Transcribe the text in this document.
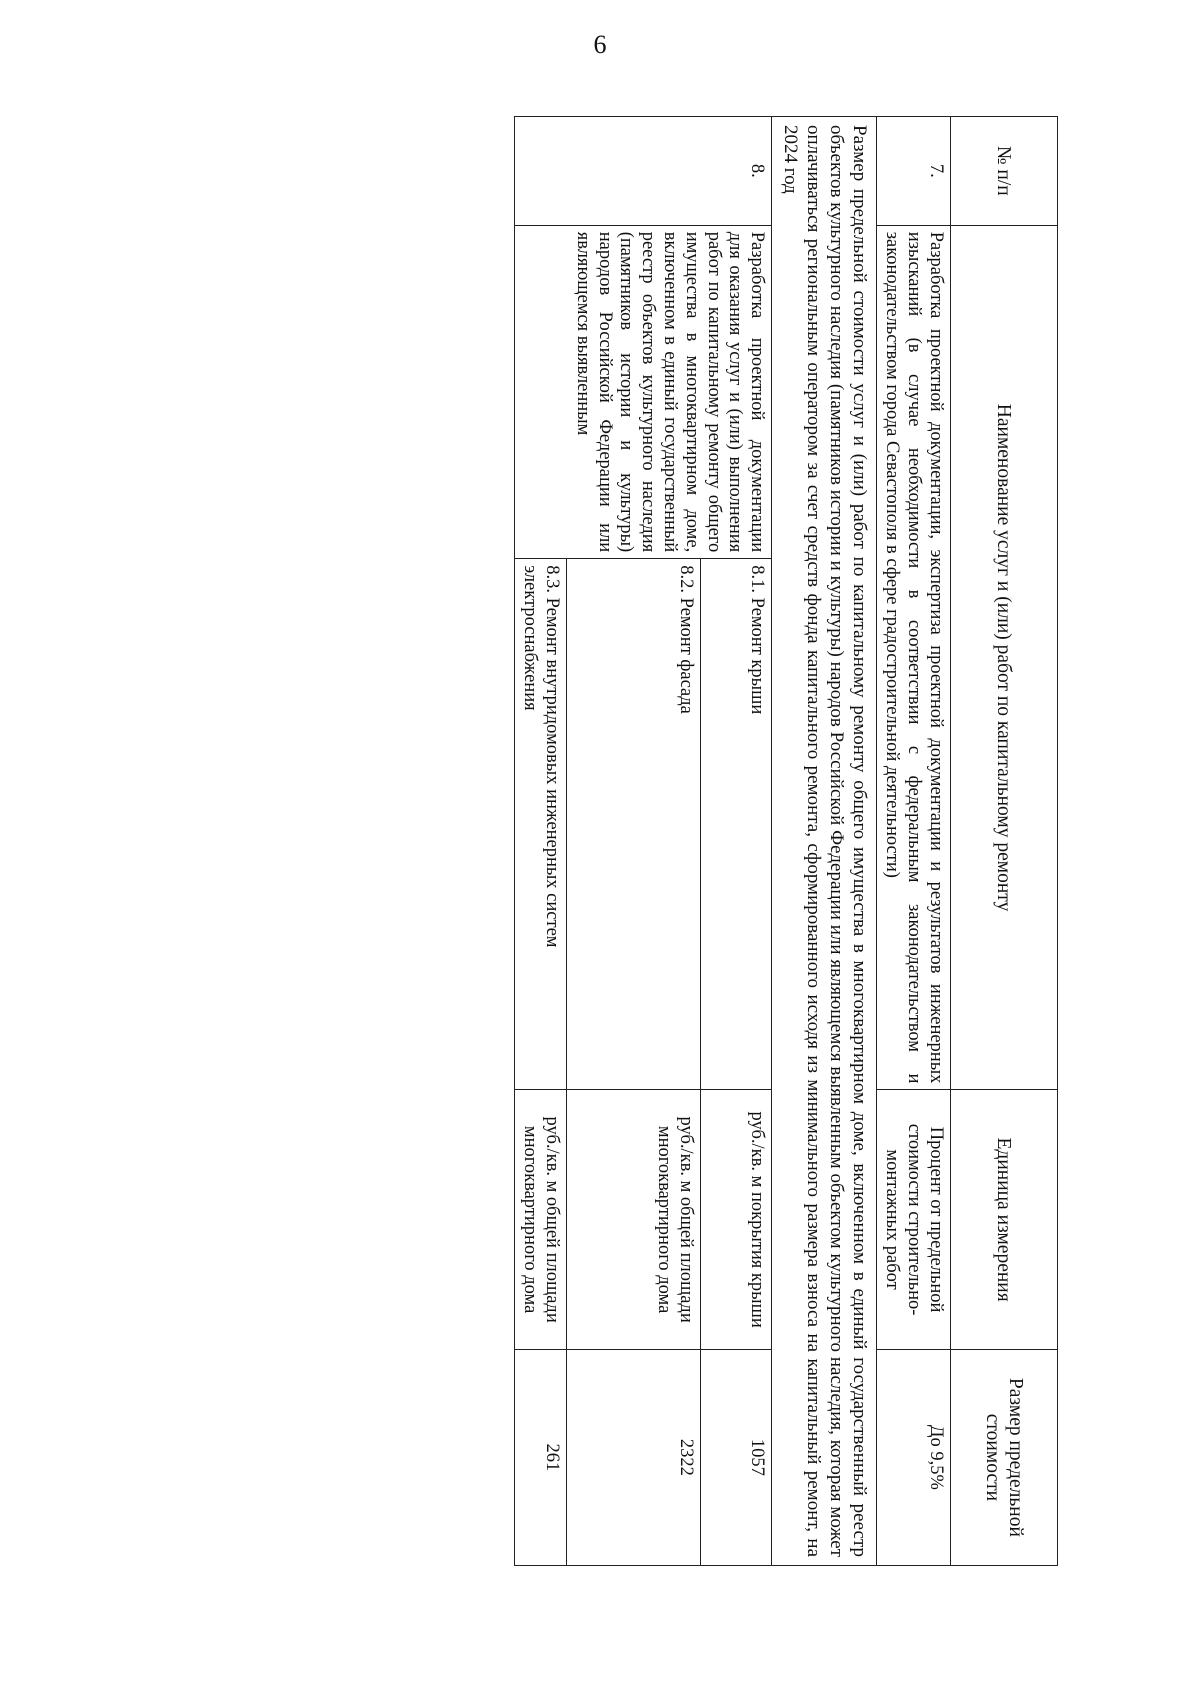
6
№ п/п	Наименование услуг и (или) работ по капитальному ремонту		Единица измерения	Размер предельной стоимости
7.	Разработка проектной документации, экспертиза проектной документации и результатов инженерных изысканий (в случае необходимости в соответствии с федеральным законодательством и законодательством города Севастополя в сфере градостроительной деятельности)		Процент от предельной стоимости строительно-монтажных работ	До 9,5%
Размер предельной стоимости услуг и (или) работ по капитальному ремонту общего имущества в многоквартирном доме, включенном в единый государственный реестр объектов культурного наследия (памятников истории и культуры) народов Российской Федерации или являющемся выявленным объектом культурного наследия, которая может оплачиваться региональным оператором за счет средств фонда капитального ремонта, сформированного исходя из минимального размера взноса на капитальный ремонт, на 2024 год				
8.	Разработка проектной документации для оказания услуг и (или) выполнения работ по капитальному ремонту общего имущества в многоквартирном доме, включенном в единый государственный реестр объектов культурного наследия (памятников истории и культуры) народов Российской Федерации или являющемся выявленным	8.1. Ремонт крыши	руб./кв. м покрытия крыши	1057
		8.2. Ремонт фасада	руб./кв. м общей площади многоквартирного дома	2322
		8.3. Ремонт внутридомовых инженерных систем электроснабжения	руб./кв. м общей площади многоквартирного дома	261
